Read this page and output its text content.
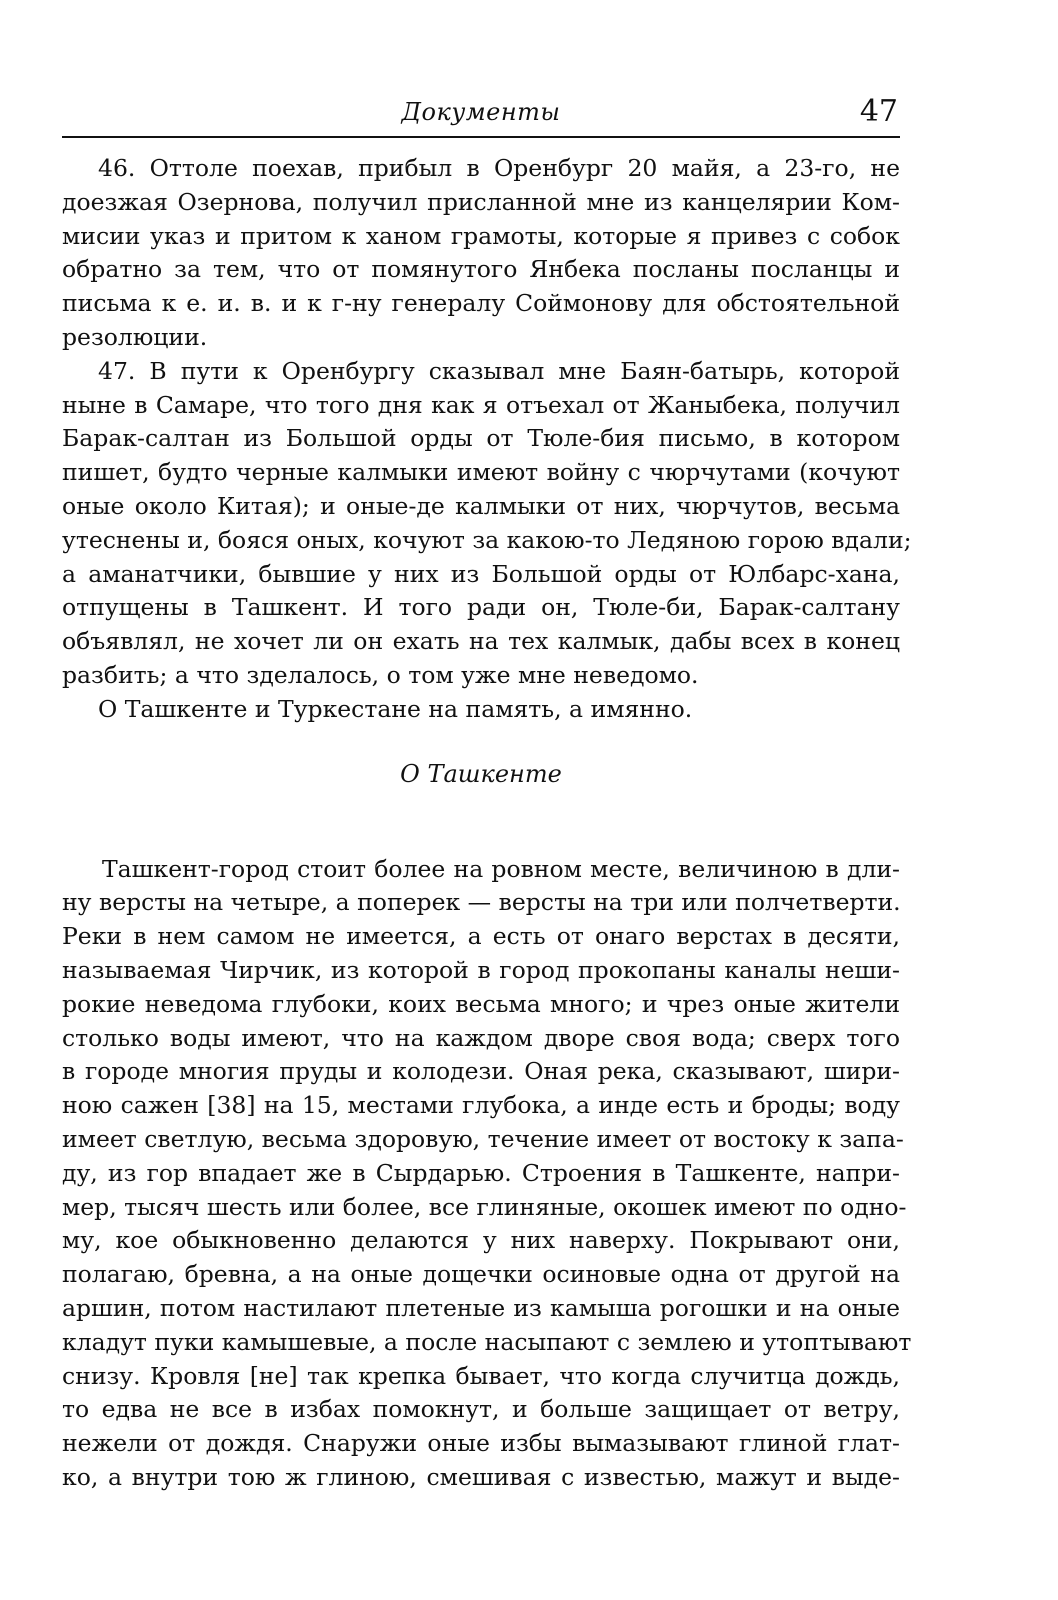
Документы	47
46. Оттоле поехав, прибыл в Оренбург 20 майя, а 23-го, не
доезжая Озернова, получил присланной мне из канцелярии Ком-
мисии указ и притом к ханом грамоты, которые я привез с собок
обратно за тем, что от помянутого Янбека посланы посланцы и
письма к е. и. в. и к г-ну генералу Соймонову для обстоятельной
резолюции.
47. В пути к Оренбургу сказывал мне Баян-батырь, которой
ныне в Самаре, что того дня как я отъехал от Жаныбека, получил
Барак-салтан из Большой орды от Тюле-бия письмо, в котором
пишет, будто черные калмыки имеют войну с чюрчутами (кочуют
оные около Китая); и оные-де калмыки от них, чюрчутов, весьма
утеснены и, бояся оных, кочуют за какою-то Ледяною горою вдали;
а аманатчики, бывшие у них из Большой орды от Юлбарс-хана,
отпущены в Ташкент. И того ради он, Тюле-би, Барак-салтану
объявлял, не хочет ли он ехать на тех калмык, дабы всех в конец
разбить; а что зделалось, о том уже мне неведомо.
О Ташкенте и Туркестане на память, а имянно.
О Ташкенте
Ташкент-город стоит более на ровном месте, величиною в дли-
ну версты на четыре, а поперек — версты на три или полчетверти.
Реки в нем самом не имеется, а есть от онаго верстах в десяти,
называемая Чирчик, из которой в город прокопаны каналы неши-
рокие неведома глубоки, коих весьма много; и чрез оные жители
столько воды имеют, что на каждом дворе своя вода; сверх того
в городе многия пруды и колодези. Оная река, сказывают, шири-
ною сажен [38] на 15, местами глубока, а инде есть и броды; воду
имеет светлую, весьма здоровую, течение имеет от востоку к запа-
ду, из гор впадает же в Сырдарью. Строения в Ташкенте, напри-
мер, тысяч шесть или более, все глиняные, окошек имеют по одно-
му, кое обыкновенно делаются у них наверху. Покрывают они,
полагаю, бревна, а на оные дощечки осиновые одна от другой на
аршин, потом настилают плетеные из камыша рогошки и на оные
кладут пуки камышевые, а после насыпают с землею и утоптывают
снизу. Кровля [не] так крепка бывает, что когда случитца дождь,
то едва не все в избах помокнут, и больше защищает от ветру,
нежели от дождя. Снаружи оные избы вымазывают глиной глат-
ко, а внутри тою ж глиною, смешивая с известью, мажут и выде-
